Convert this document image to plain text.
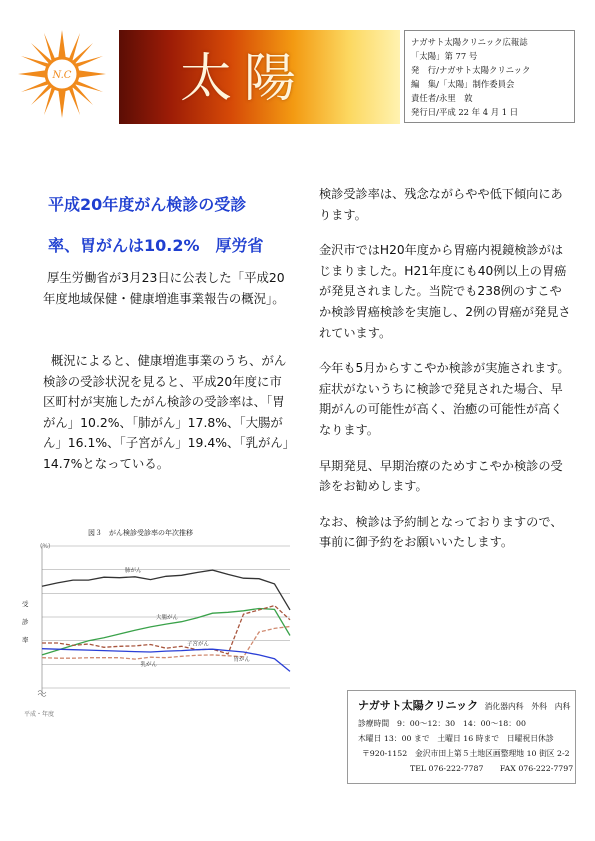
N.C 太陽
ナガサト太陽クリニック広報誌
「太陽」第 77 号
発　行/ナガサト太陽クリニック
編　集/「太陽」制作委員会
責任者/永里　敦
発行日/平成 22 年 4 月 1 日
平成20年度がん検診の受診
率、胃がんは10.2%　厚労省
厚生労働省が3月23日に公表した「平成20年度地域保健・健康増進事業報告の概況」。
概況によると、健康増進事業のうち、がん検診の受診状況を見ると、平成20年度に市区町村が実施したがん検診の受診率は、「胃がん」10.2%、「肺がん」17.8%、「大腸がん」16.1%、「子宮がん」19.4%、「乳がん」14.7%となっている。

検診受診率は、残念ながらやや低下傾向にあります。

金沢市ではH20年度から胃癌内視鏡検診がはじまりました。H21年度にも40例以上の胃癌が発見されました。当院でも238例のすこやか検診胃癌検診を実施し、2例の胃癌が発見されています。

今年も5月からすこやか検診が実施されます。症状がないうちに検診で発見された場合、早期がんの可能性が高く、治癒の可能性が高くなります。

早期発見、早期治療のためすこやか検診の受診をお勧めします。

なお、検診は予約制となっておりますので、事前に御予約をお願いいたします。

図３　がん検診受診率の年次推移
(%)
受
診
率
平成・年度
肺がん
大腸がん
子宮がん
乳がん
胃がん
ナガサト太陽クリニック 消化器内科　外科　内科
診療時間　9：00〜12：30　14：00〜18：00
木曜日 13：00 まで　土曜日 16 時まで　日曜祝日休診
〒920-1152　金沢市田上第５土地区画整理地 10 街区 2-2
TEL 076-222-7787 FAX 076-222-7797
